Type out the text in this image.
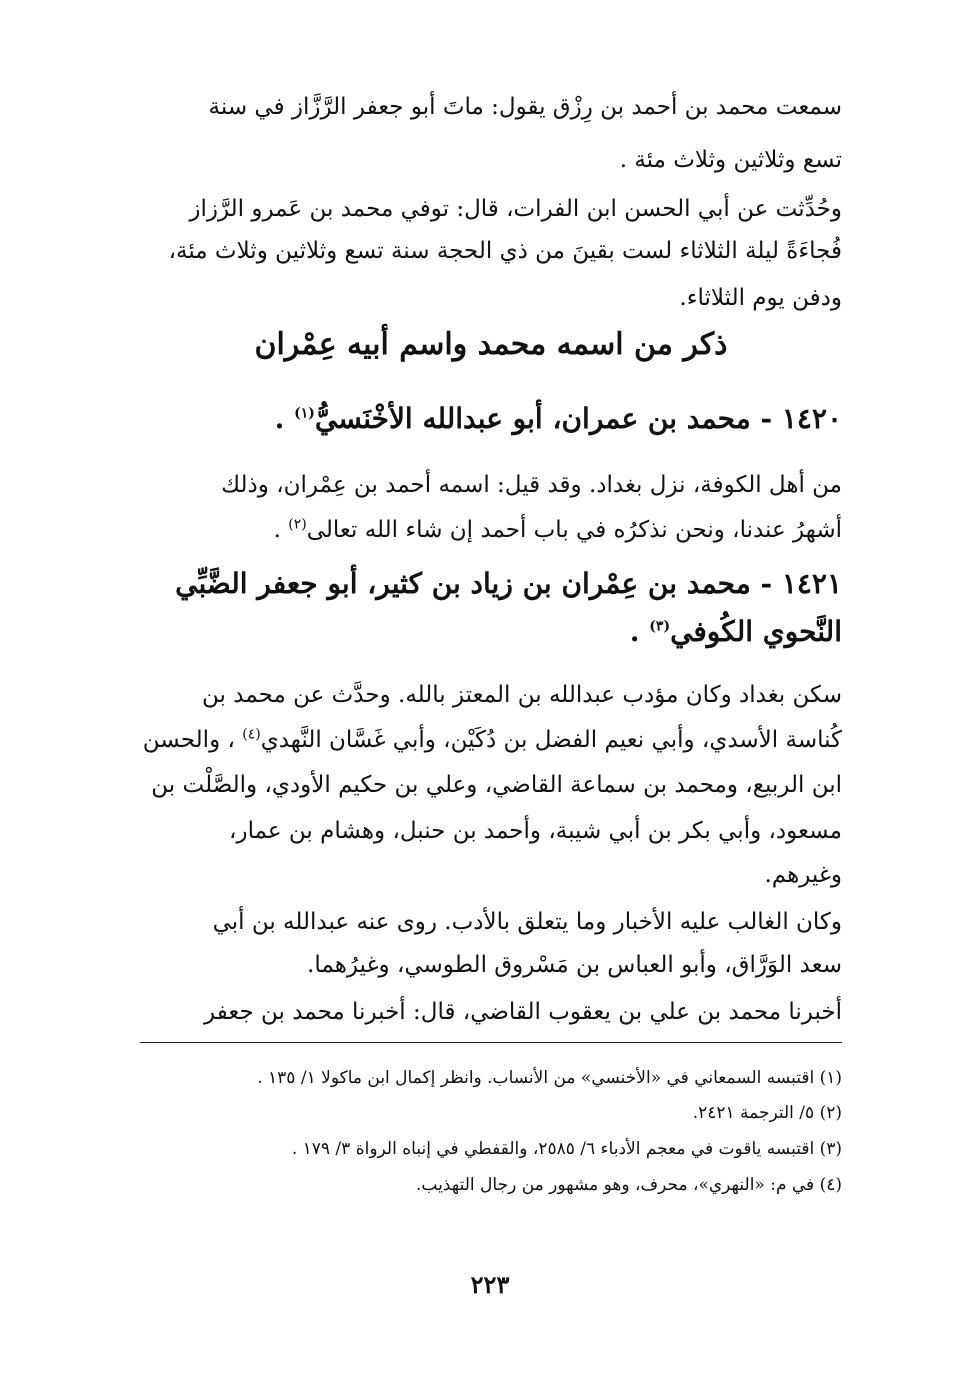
سمعت محمد بن أحمد بن رِزْق يقول: ماتَ أبو جعفر الرَّزَّاز في سنة
تسع وثلاثين وثلاث مئة .
وحُدِّثت عن أبي الحسن ابن الفرات، قال: توفي محمد بن عَمرو الرَّزاز
فُجاءَةً ليلة الثلاثاء لست بقينَ من ذي الحجة سنة تسع وثلاثين وثلاث مئة،
ودفن يوم الثلاثاء.
ذكر من اسمه محمد واسم أبيه عِمْران
١٤٢٠ - محمد بن عمران، أبو عبدالله الأخْنَسيُّ$^{(١)}$ .
من أهل الكوفة، نزل بغداد. وقد قيل: اسمه أحمد بن عِمْران، وذلك
أشهرُ عندنا، ونحن نذكرُه في باب أحمد إن شاء الله تعالى$^{(٢)}$ .
١٤٢١ - محمد بن عِمْران بن زياد بن كثير، أبو جعفر الضَّبِّي
النَّحوي الكُوفي$^{(٣)}$ .
سكن بغداد وكان مؤدب عبدالله بن المعتز بالله. وحدَّث عن محمد بن
كُناسة الأسدي، وأبي نعيم الفضل بن دُكَيْن، وأبي غَسَّان النَّهدي$^{(٤)}$ ، والحسن
ابن الربيع، ومحمد بن سماعة القاضي، وعلي بن حكيم الأودي، والصَّلْت بن
مسعود، وأبي بكر بن أبي شيبة، وأحمد بن حنبل، وهشام بن عمار،
وغيرهم.
وكان الغالب عليه الأخبار وما يتعلق بالأدب. روى عنه عبدالله بن أبي
سعد الوَرَّاق، وأبو العباس بن مَسْروق الطوسي، وغيرُهما.
أخبرنا محمد بن علي بن يعقوب القاضي، قال: أخبرنا محمد بن جعفر
(١) اقتبسه السمعاني في «الأخنسي» من الأنساب. وانظر إكمال ابن ماكولا ١/ ١٣٥ .
(٢) ٥/ الترجمة ٢٤٢١.
(٣) اقتبسه ياقوت في معجم الأدباء ٦/ ٢٥٨٥، والقفطي في إنباه الرواة ٣/ ١٧٩ .
(٤) في م: «النهري»، محرف، وهو مشهور من رجال التهذيب.
٢٢٣
